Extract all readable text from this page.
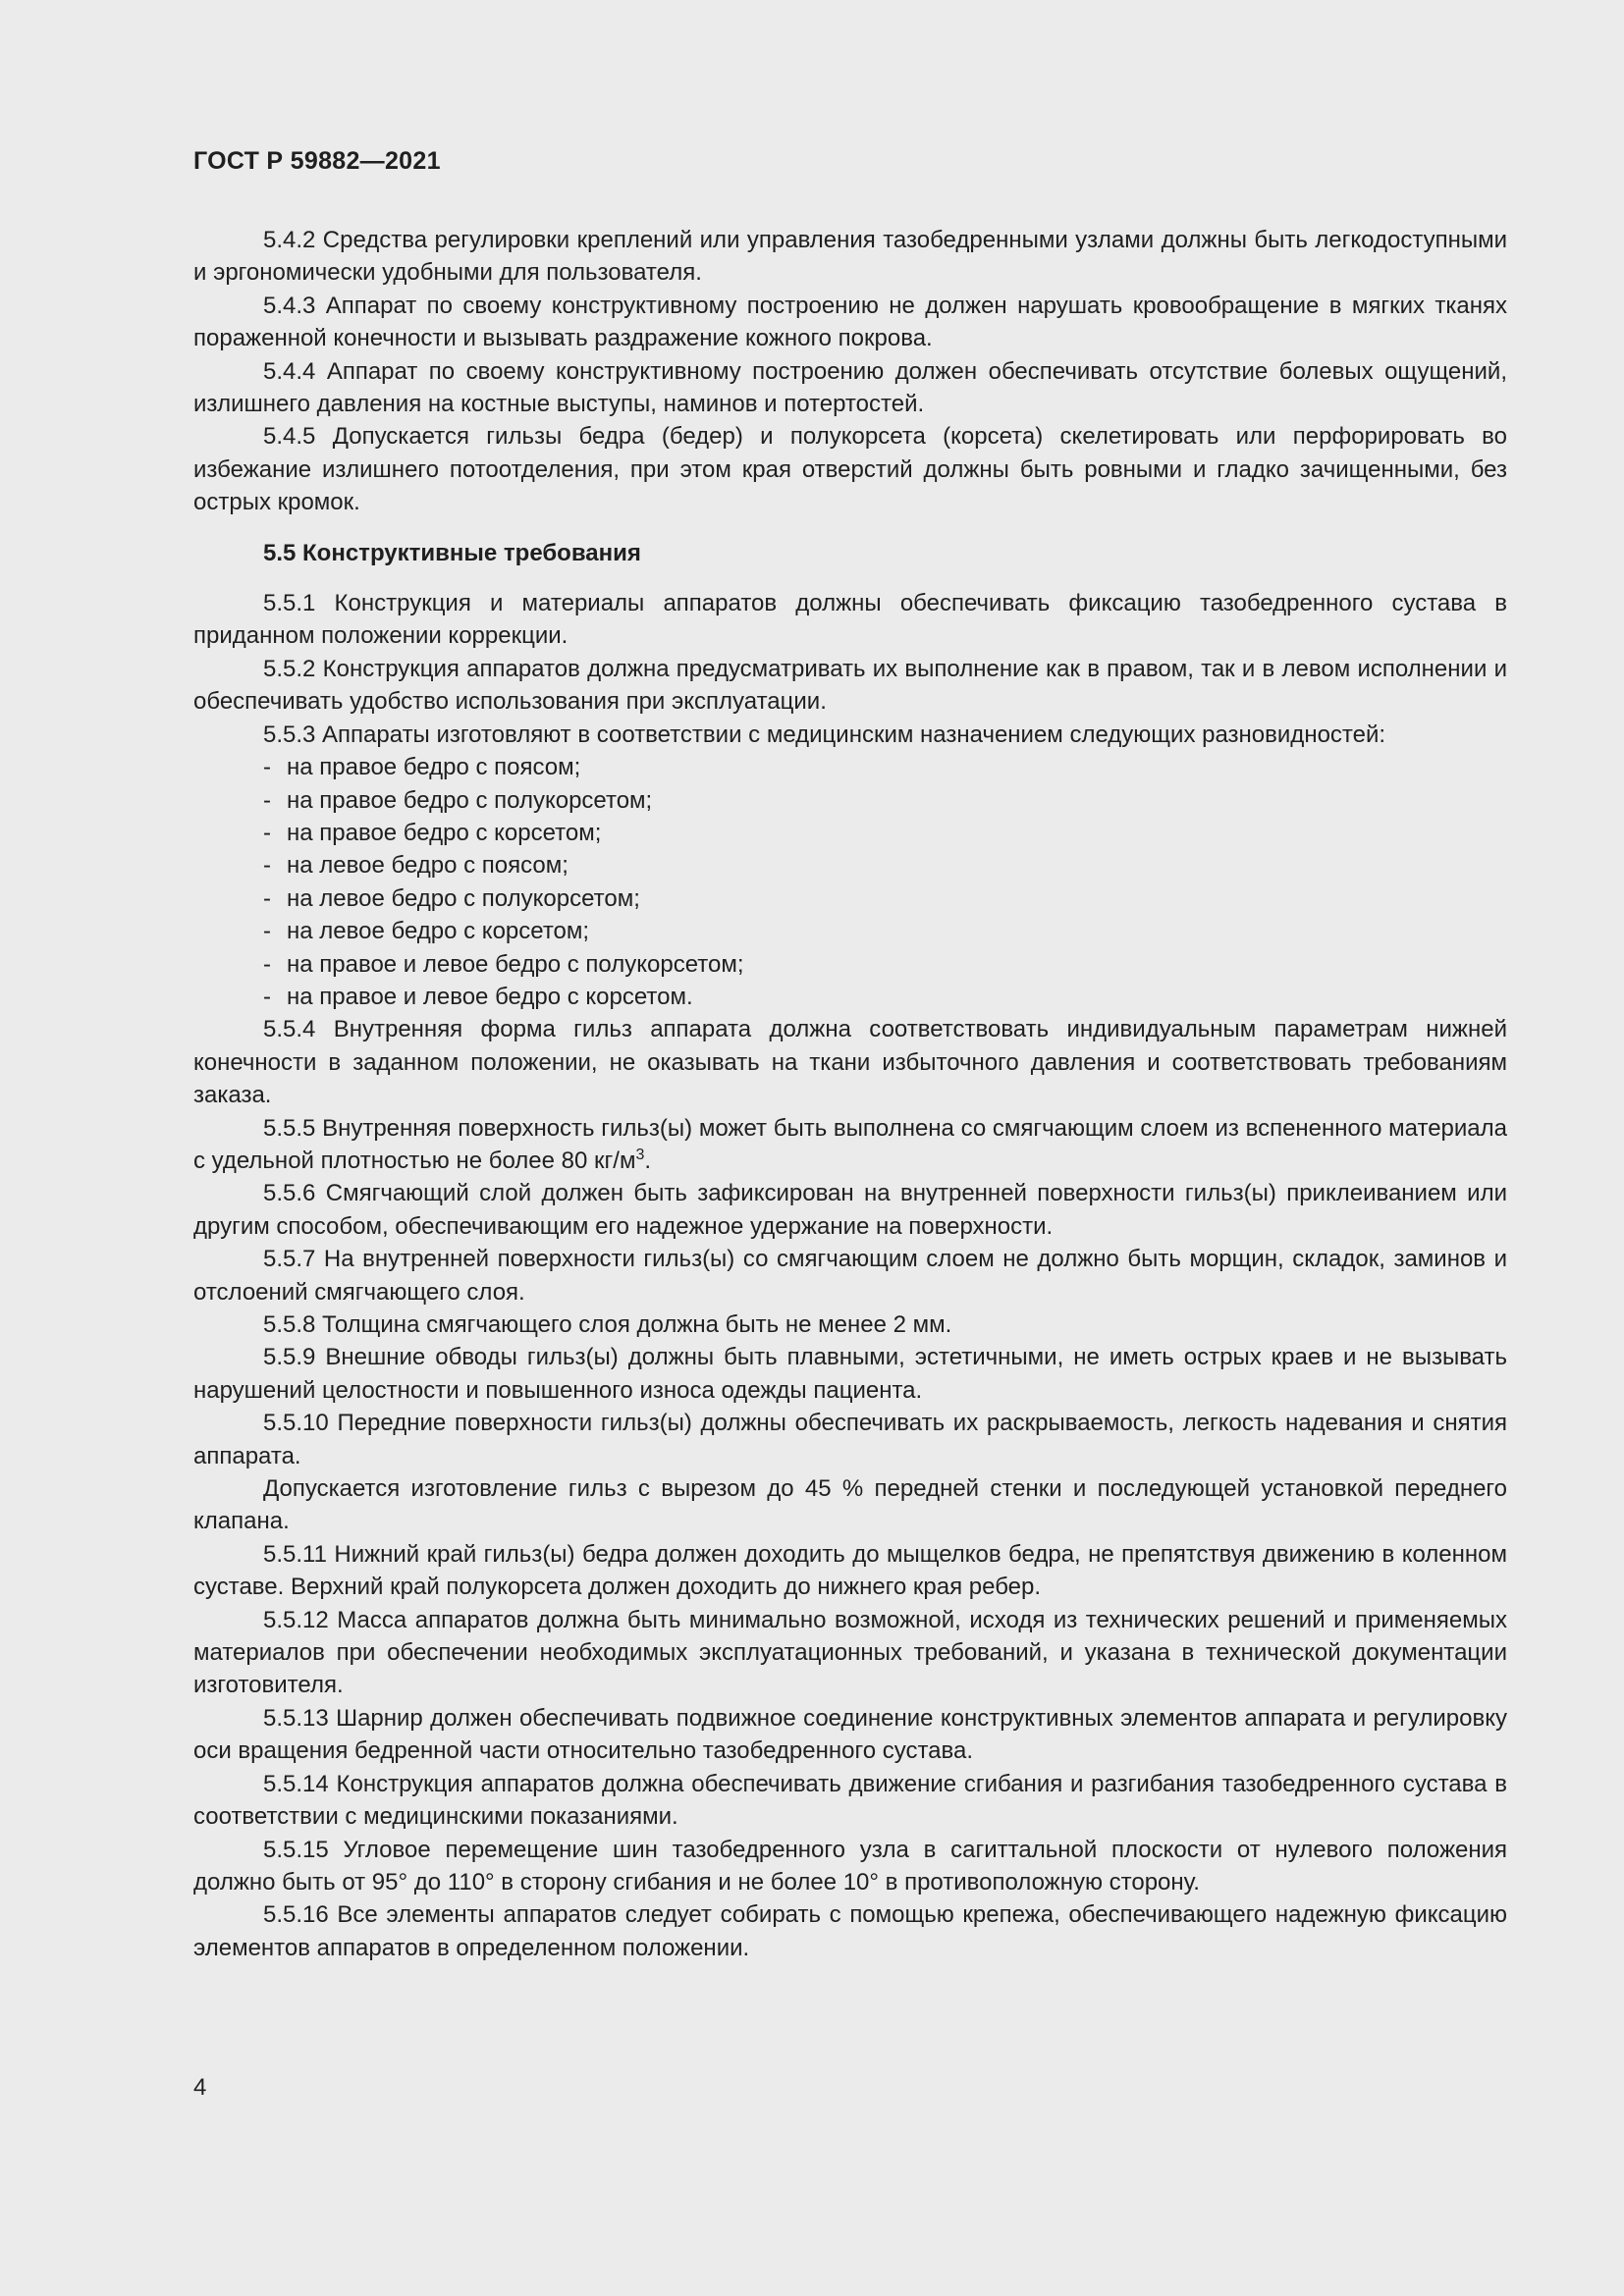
ГОСТ Р 59882—2021

5.4.2 Средства регулировки креплений или управления тазобедренными узлами должны быть легкодоступными и эргономически удобными для пользователя.

5.4.3 Аппарат по своему конструктивному построению не должен нарушать кровообращение в мягких тканях пораженной конечности и вызывать раздражение кожного покрова.

5.4.4 Аппарат по своему конструктивному построению должен обеспечивать отсутствие болевых ощущений, излишнего давления на костные выступы, наминов и потертостей.

5.4.5 Допускается гильзы бедра (бедер) и полукорсета (корсета) скелетировать или перфорировать во избежание излишнего потоотделения, при этом края отверстий должны быть ровными и гладко зачищенными, без острых кромок.

5.5 Конструктивные требования

5.5.1 Конструкция и материалы аппаратов должны обеспечивать фиксацию тазобедренного сустава в приданном положении коррекции.

5.5.2 Конструкция аппаратов должна предусматривать их выполнение как в правом, так и в левом исполнении и обеспечивать удобство использования при эксплуатации.

5.5.3 Аппараты изготовляют в соответствии с медицинским назначением следующих разновидностей:

- на правое бедро с поясом;
- на правое бедро с полукорсетом;
- на правое бедро с корсетом;
- на левое бедро с поясом;
- на левое бедро с полукорсетом;
- на левое бедро с корсетом;
- на правое и левое бедро с полукорсетом;
- на правое и левое бедро с корсетом.

5.5.4 Внутренняя форма гильз аппарата должна соответствовать индивидуальным параметрам нижней конечности в заданном положении, не оказывать на ткани избыточного давления и соответствовать требованиям заказа.

5.5.5 Внутренняя поверхность гильз(ы) может быть выполнена со смягчающим слоем из вспененного материала с удельной плотностью не более 80 $кг/м^3$.

5.5.6 Смягчающий слой должен быть зафиксирован на внутренней поверхности гильз(ы) приклеиванием или другим способом, обеспечивающим его надежное удержание на поверхности.

5.5.7 На внутренней поверхности гильз(ы) со смягчающим слоем не должно быть морщин, складок, заминов и отслоений смягчающего слоя.

5.5.8 Толщина смягчающего слоя должна быть не менее 2 мм.

5.5.9 Внешние обводы гильз(ы) должны быть плавными, эстетичными, не иметь острых краев и не вызывать нарушений целостности и повышенного износа одежды пациента.

5.5.10 Передние поверхности гильз(ы) должны обеспечивать их раскрываемость, легкость надевания и снятия аппарата.

Допускается изготовление гильз с вырезом до 45 % передней стенки и последующей установкой переднего клапана.

5.5.11 Нижний край гильз(ы) бедра должен доходить до мыщелков бедра, не препятствуя движению в коленном суставе. Верхний край полукорсета должен доходить до нижнего края ребер.

5.5.12 Масса аппаратов должна быть минимально возможной, исходя из технических решений и применяемых материалов при обеспечении необходимых эксплуатационных требований, и указана в технической документации изготовителя.

5.5.13 Шарнир должен обеспечивать подвижное соединение конструктивных элементов аппарата и регулировку оси вращения бедренной части относительно тазобедренного сустава.

5.5.14 Конструкция аппаратов должна обеспечивать движение сгибания и разгибания тазобедренного сустава в соответствии с медицинскими показаниями.

5.5.15 Угловое перемещение шин тазобедренного узла в сагиттальной плоскости от нулевого положения должно быть от 95° до 110° в сторону сгибания и не более 10° в противоположную сторону.

5.5.16 Все элементы аппаратов следует собирать с помощью крепежа, обеспечивающего надежную фиксацию элементов аппаратов в определенном положении.

4
